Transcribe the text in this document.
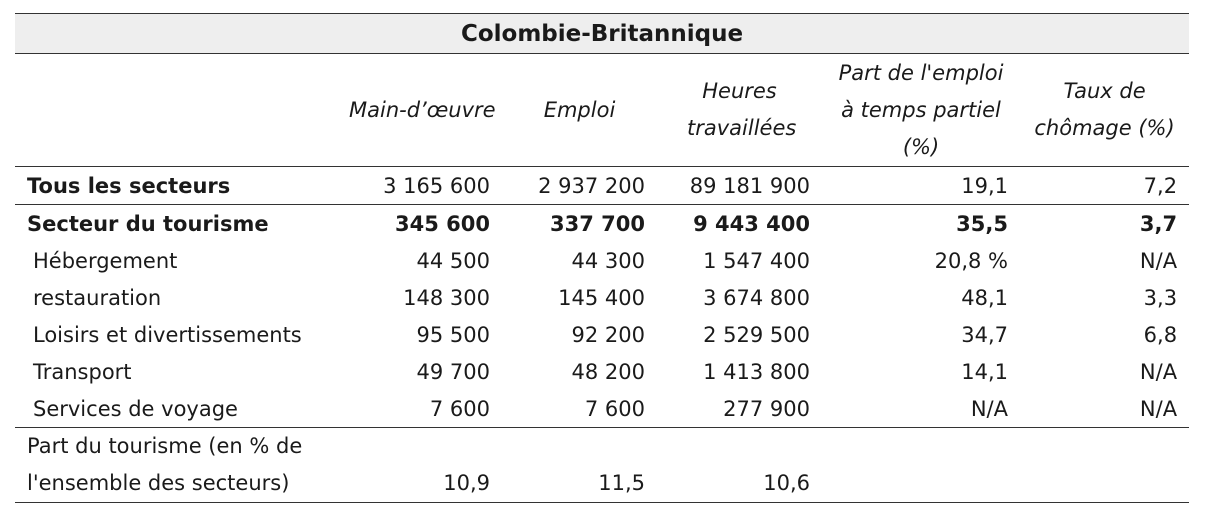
Colombie-Britannique					
	Main-d’œuvre	Emploi	Heures travaillées	Part de l'emploi à temps partiel (%)	Taux de chômage (%)
Tous les secteurs	3 165 600	2 937 200	89 181 900	19,1	7,2
Secteur du tourisme	345 600	337 700	9 443 400	35,5	3,7
Hébergement	44 500	44 300	1 547 400	20,8 %	N/A
restauration	148 300	145 400	3 674 800	48,1	3,3
Loisirs et divertissements	95 500	92 200	2 529 500	34,7	6,8
Transport	49 700	48 200	1 413 800	14,1	N/A
Services de voyage	7 600	7 600	277 900	N/A	N/A
Part du tourisme (en % de l'ensemble des secteurs)	10,9	11,5	10,6		
